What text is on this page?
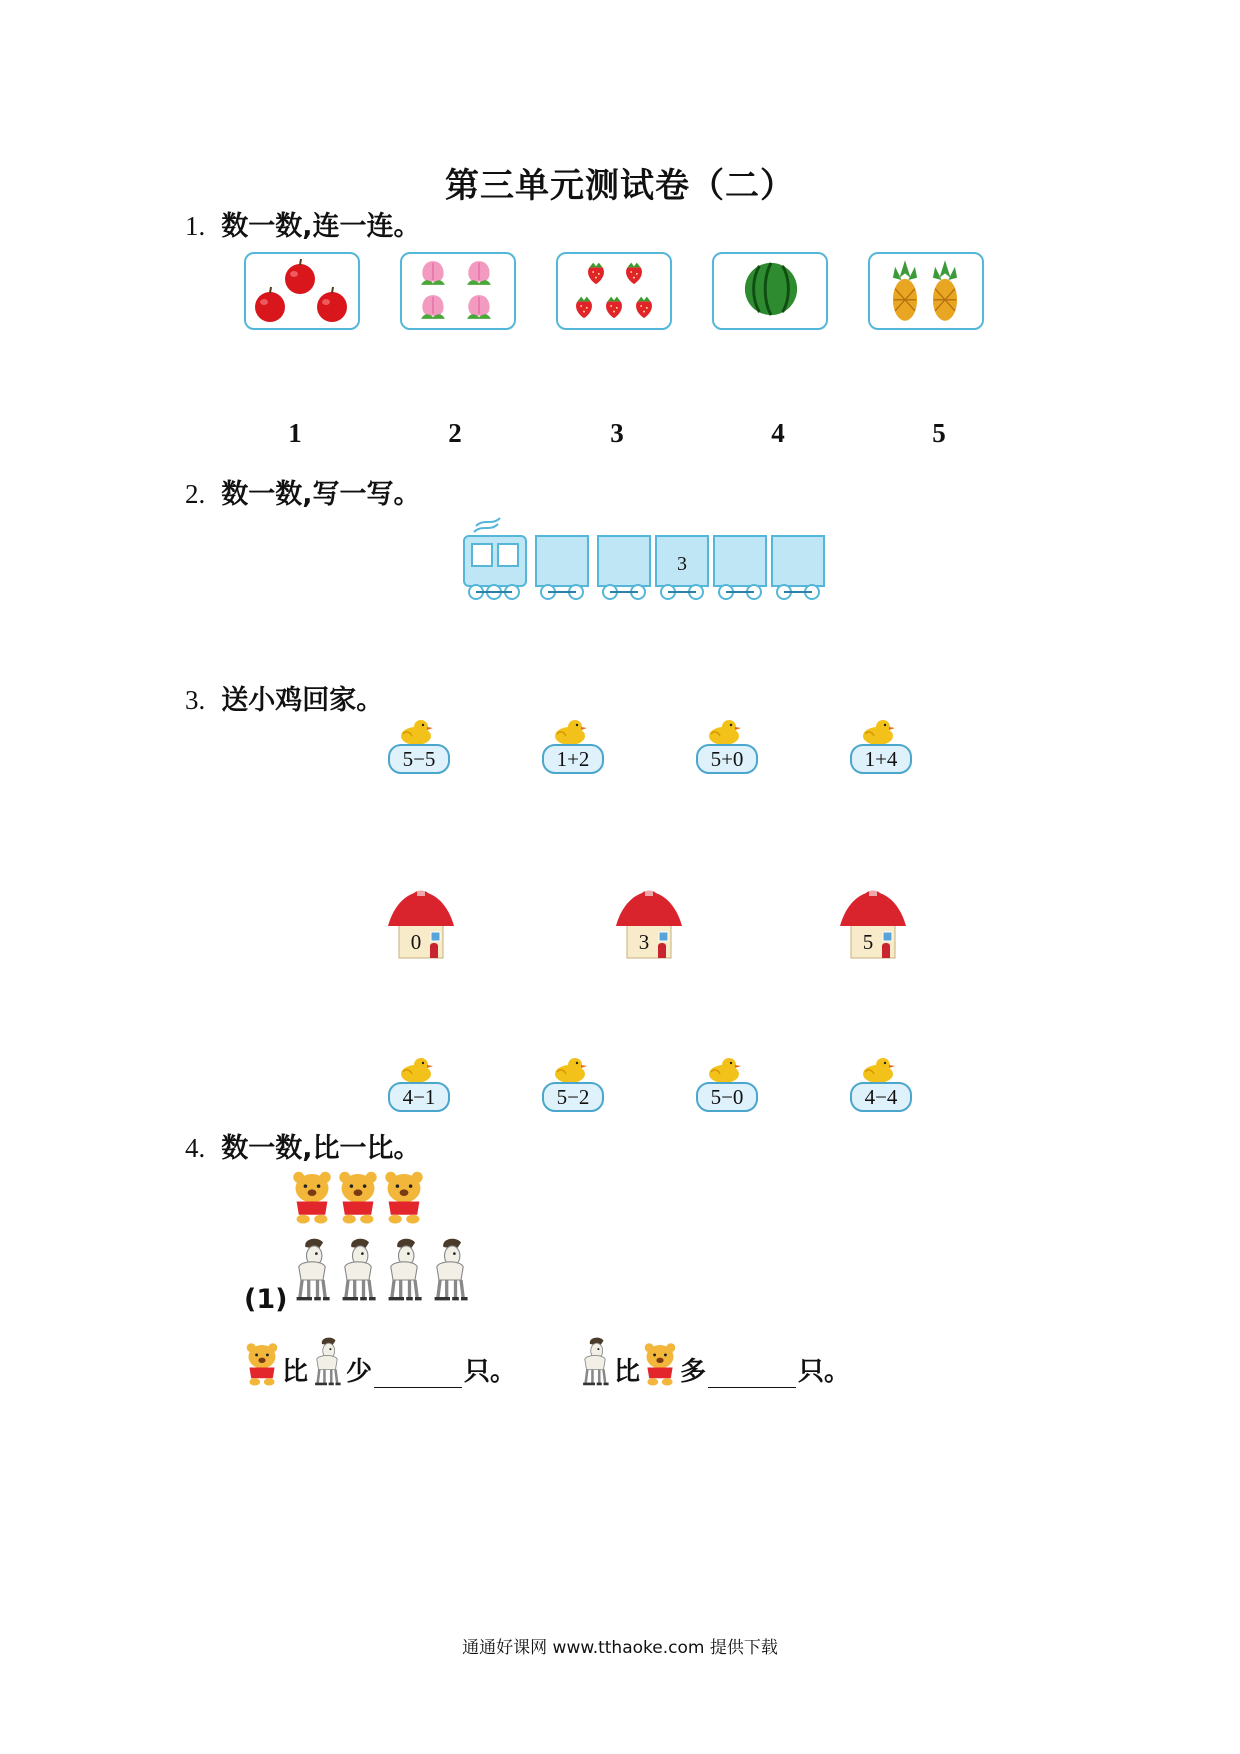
第三单元测试卷（二）
1. 数一数,连一连。
1	2	3	4	5
2. 数一数,写一写。
3
3. 送小鸡回家。
5−5	1+2	5+0	1+4
0	3	5
4−1	5−2	5−0	4−4
4. 数一数,比一比。
(1)
比 少	只。	比 多	只。
通通好课网 www.tthaoke.com 提供下载
